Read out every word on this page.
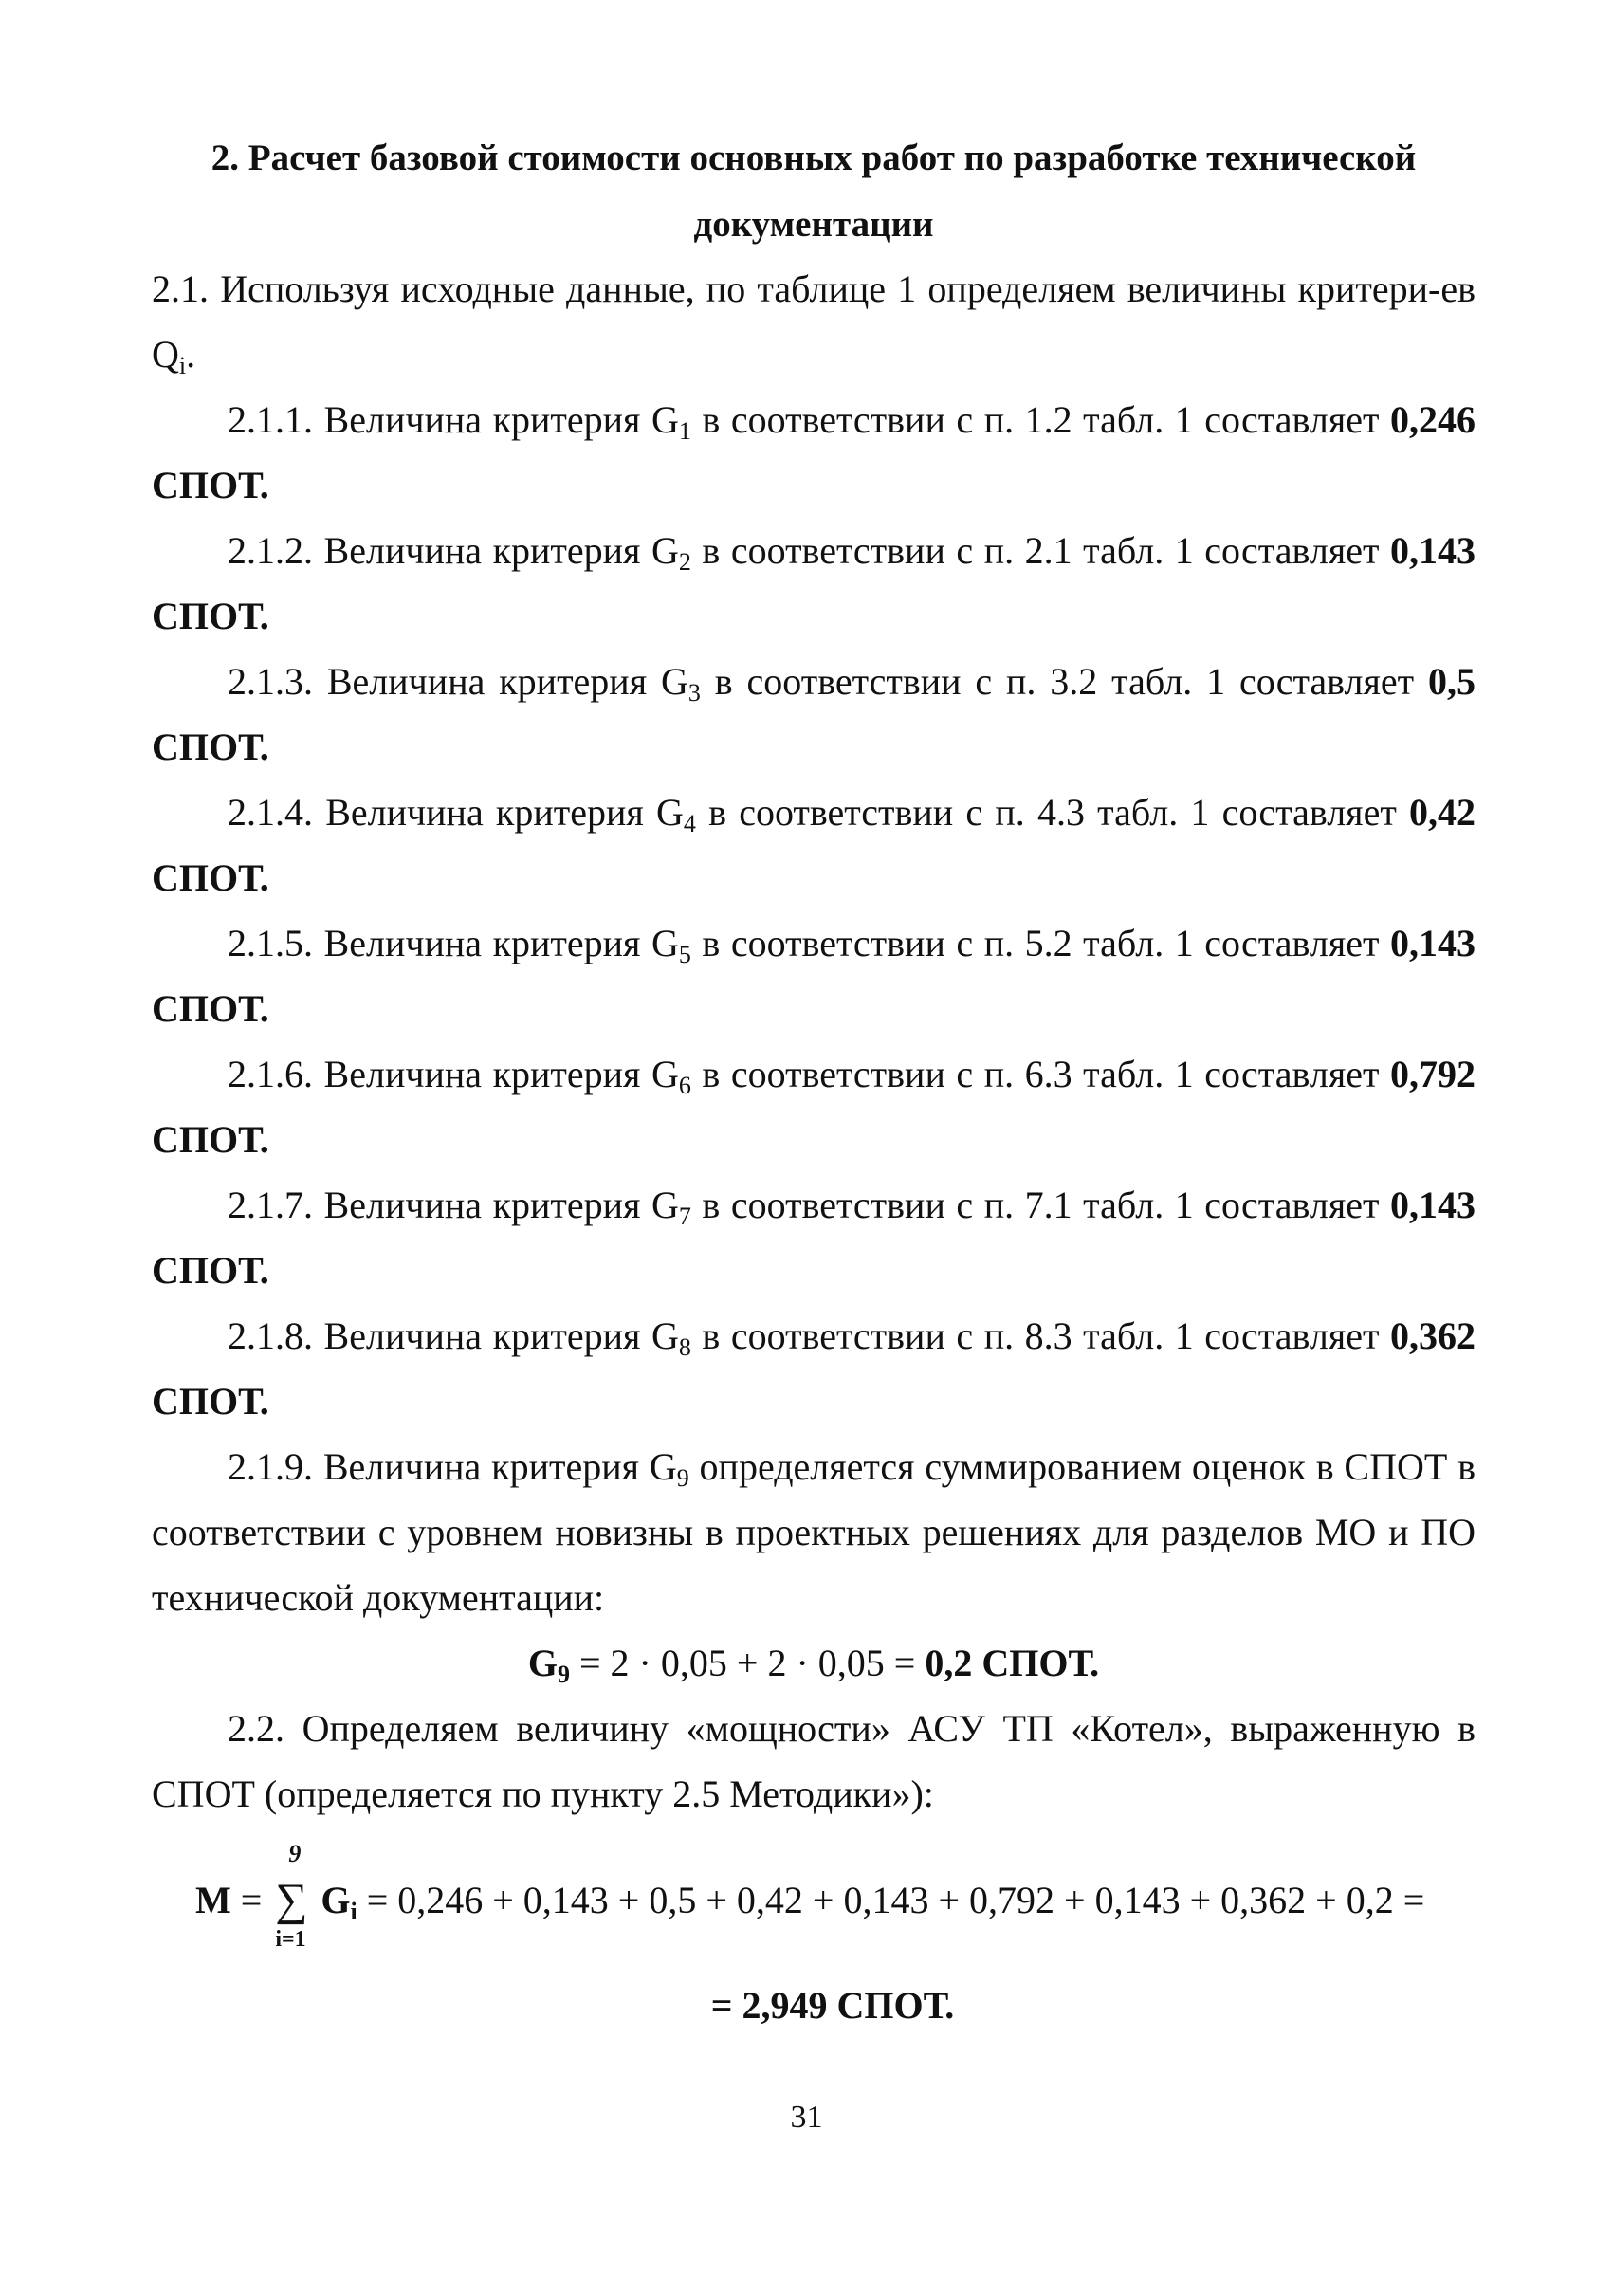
2. Расчет базовой стоимости основных работ по разработке технической
документации

2.1. Используя исходные данные, по таблице 1 определяем величины критери-ев $Q_i$.

2.1.1. Величина критерия $G_1$ в соответствии с п. 1.2 табл. 1 составляет 0,246 СПОТ.

2.1.2. Величина критерия $G_2$ в соответствии с п. 2.1 табл. 1 составляет 0,143 СПОТ.

2.1.3. Величина критерия $G_3$ в соответствии с п. 3.2 табл. 1 составляет 0,5 СПОТ.

2.1.4. Величина критерия $G_4$ в соответствии с п. 4.3 табл. 1 составляет 0,42 СПОТ.

2.1.5. Величина критерия $G_5$ в соответствии с п. 5.2 табл. 1 составляет 0,143 СПОТ.

2.1.6. Величина критерия $G_6$ в соответствии с п. 6.3 табл. 1 составляет 0,792 СПОТ.

2.1.7. Величина критерия $G_7$ в соответствии с п. 7.1 табл. 1 составляет 0,143 СПОТ.

2.1.8. Величина критерия $G_8$ в соответствии с п. 8.3 табл. 1 составляет 0,362 СПОТ.

2.1.9. Величина критерия $G_9$ определяется суммированием оценок в СПОТ в соответствии с уровнем новизны в проектных решениях для разделов МО и ПО технической документации:

$G_9 = 2 \cdot 0,05 + 2 \cdot 0,05 = 0,2$ СПОТ.

2.2. Определяем величину «мощности» АСУ ТП «Котел», выраженную в СПОТ (определяется по пункту 2.5 Методики»):

M =
9
∑
i=1
$G_i = 0,246 + 0,143 + 0,5 + 0,42 + 0,143 + 0,792 + 0,143 + 0,362 + 0,2$ =

= 2,949 СПОТ.

31
